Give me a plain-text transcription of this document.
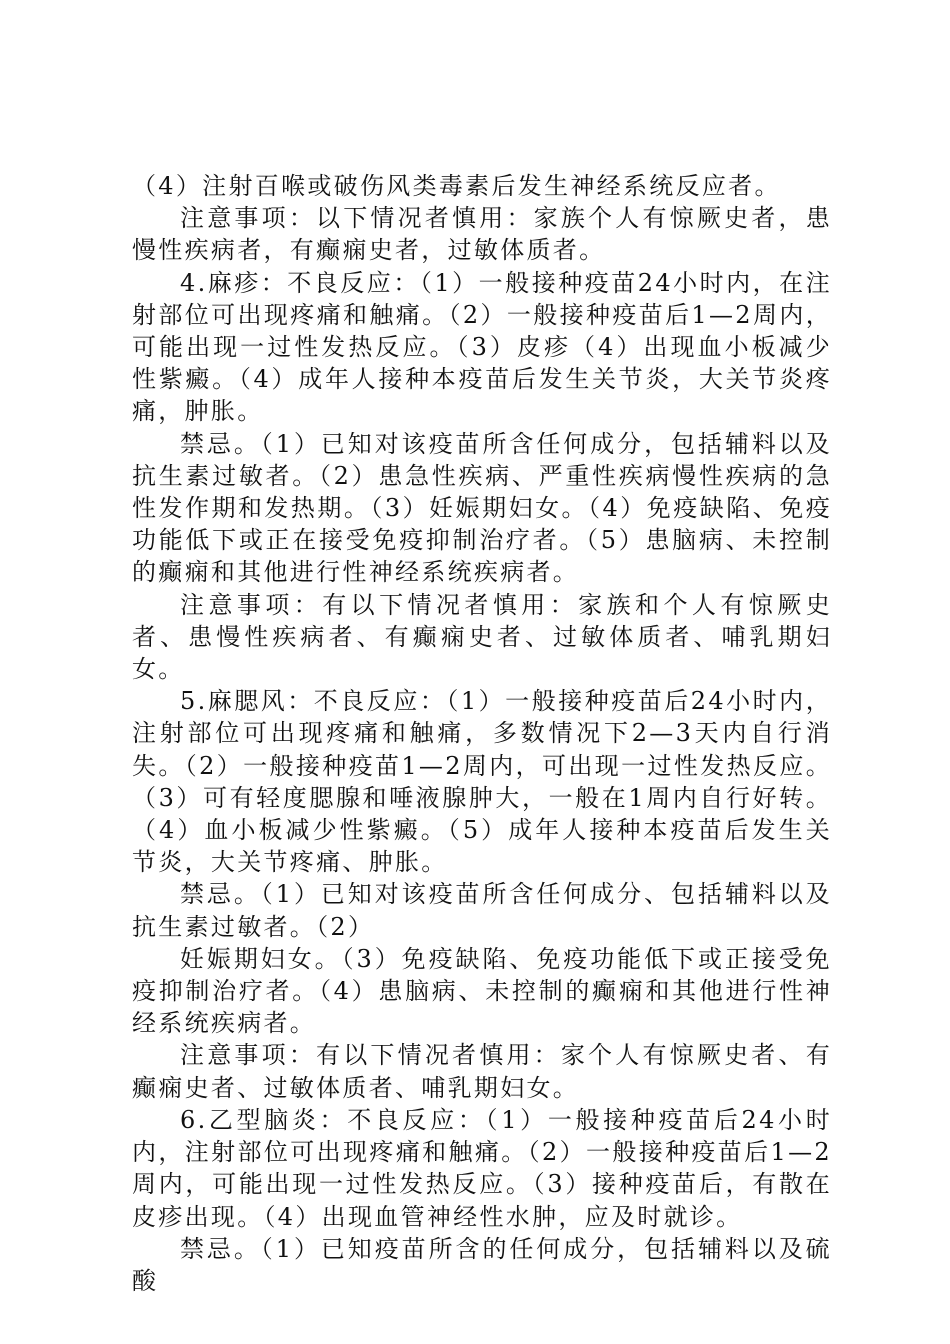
（4）注射百喉或破伤风类毒素后发生神经系统反应者。

注意事项：以下情况者慎用：家族个人有惊厥史者，患慢性疾病者，有癫痫史者，过敏体质者。

4.麻疹：不良反应：（1）一般接种疫苗24小时内，在注射部位可出现疼痛和触痛。（2）一般接种疫苗后1—2周内，可能出现一过性发热反应。（3）皮疹（4）出现血小板减少性紫癜。（4）成年人接种本疫苗后发生关节炎，大关节炎疼痛，肿胀。

禁忌。（1）已知对该疫苗所含任何成分，包括辅料以及抗生素过敏者。（2）患急性疾病、严重性疾病慢性疾病的急性发作期和发热期。（3）妊娠期妇女。（4）免疫缺陷、免疫功能低下或正在接受免疫抑制治疗者。（5）患脑病、未控制的癫痫和其他进行性神经系统疾病者。

注意事项：有以下情况者慎用：家族和个人有惊厥史者、患慢性疾病者、有癫痫史者、过敏体质者、哺乳期妇女。

5.麻腮风：不良反应：（1）一般接种疫苗后24小时内，注射部位可出现疼痛和触痛，多数情况下2—3天内自行消失。（2）一般接种疫苗1—2周内，可出现一过性发热反应。（3）可有轻度腮腺和唾液腺肿大，一般在1周内自行好转。（4）血小板减少性紫癜。（5）成年人接种本疫苗后发生关节炎，大关节疼痛、肿胀。

禁忌。（1）已知对该疫苗所含任何成分、包括辅料以及抗生素过敏者。（2）

妊娠期妇女。（3）免疫缺陷、免疫功能低下或正接受免疫抑制治疗者。（4）患脑病、未控制的癫痫和其他进行性神经系统疾病者。

注意事项：有以下情况者慎用：家个人有惊厥史者、有癫痫史者、过敏体质者、哺乳期妇女。

6.乙型脑炎：不良反应：（1）一般接种疫苗后24小时内，注射部位可出现疼痛和触痛。（2）一般接种疫苗后1—2周内，可能出现一过性发热反应。（3）接种疫苗后，有散在皮疹出现。（4）出现血管神经性水肿，应及时就诊。

禁忌。（1）已知疫苗所含的任何成分，包括辅料以及硫酸
